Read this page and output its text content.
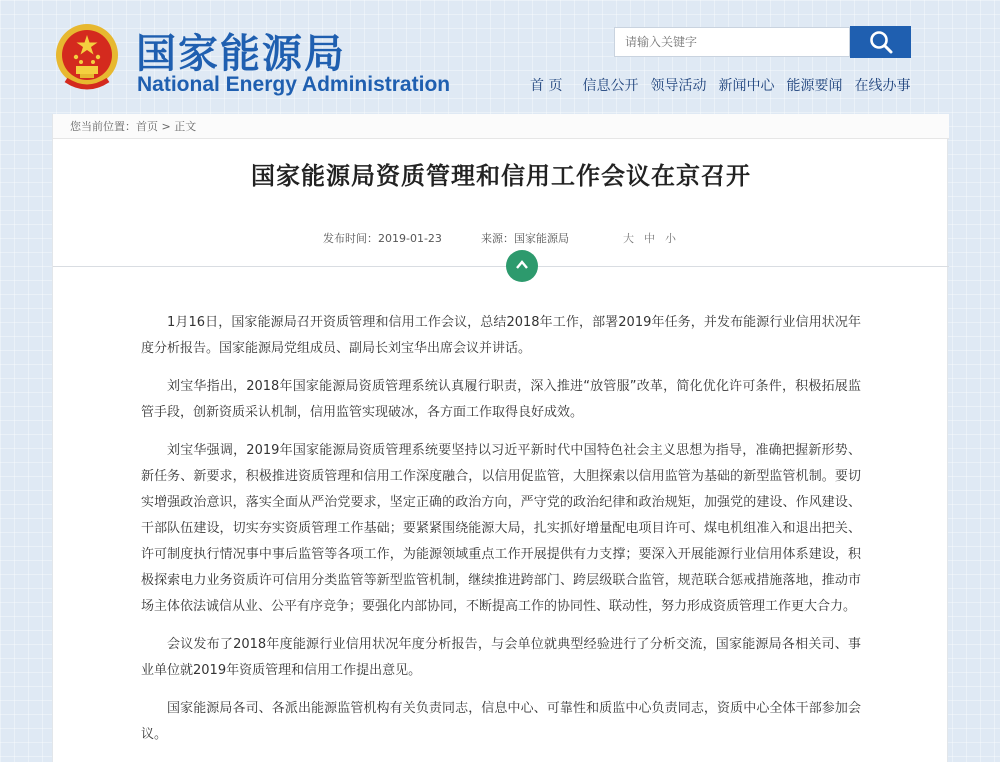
国家能源局
National Energy Administration
请输入关键字	首 页 信息公开 领导活动 新闻中心 能源要闻 在线办事
您当前位置：首页 > 正文
国家能源局资质管理和信用工作会议在京召开
发布时间：2019-01-23	来源：国家能源局	大 中 小

1月16日，国家能源局召开资质管理和信用工作会议，总结2018年工作，部署2019年任务，并发布能源行业信用状况年度分析报告。国家能源局党组成员、副局长刘宝华出席会议并讲话。

刘宝华指出，2018年国家能源局资质管理系统认真履行职责，深入推进“放管服”改革，简化优化许可条件，积极拓展监管手段，创新资质采认机制，信用监管实现破冰，各方面工作取得良好成效。

刘宝华强调，2019年国家能源局资质管理系统要坚持以习近平新时代中国特色社会主义思想为指导，准确把握新形势、新任务、新要求，积极推进资质管理和信用工作深度融合，以信用促监管，大胆探索以信用监管为基础的新型监管机制。要切实增强政治意识，落实全面从严治党要求，坚定正确的政治方向，严守党的政治纪律和政治规矩，加强党的建设、作风建设、干部队伍建设，切实夯实资质管理工作基础；要紧紧围绕能源大局，扎实抓好增量配电项目许可、煤电机组准入和退出把关、许可制度执行情况事中事后监管等各项工作，为能源领域重点工作开展提供有力支撑；要深入开展能源行业信用体系建设，积极探索电力业务资质许可信用分类监管等新型监管机制，继续推进跨部门、跨层级联合监管，规范联合惩戒措施落地，推动市场主体依法诚信从业、公平有序竞争；要强化内部协同，不断提高工作的协同性、联动性，努力形成资质管理工作更大合力。

会议发布了2018年度能源行业信用状况年度分析报告，与会单位就典型经验进行了分析交流，国家能源局各相关司、事业单位就2019年资质管理和信用工作提出意见。

国家能源局各司、各派出能源监管机构有关负责同志，信息中心、可靠性和质监中心负责同志，资质中心全体干部参加会议。
